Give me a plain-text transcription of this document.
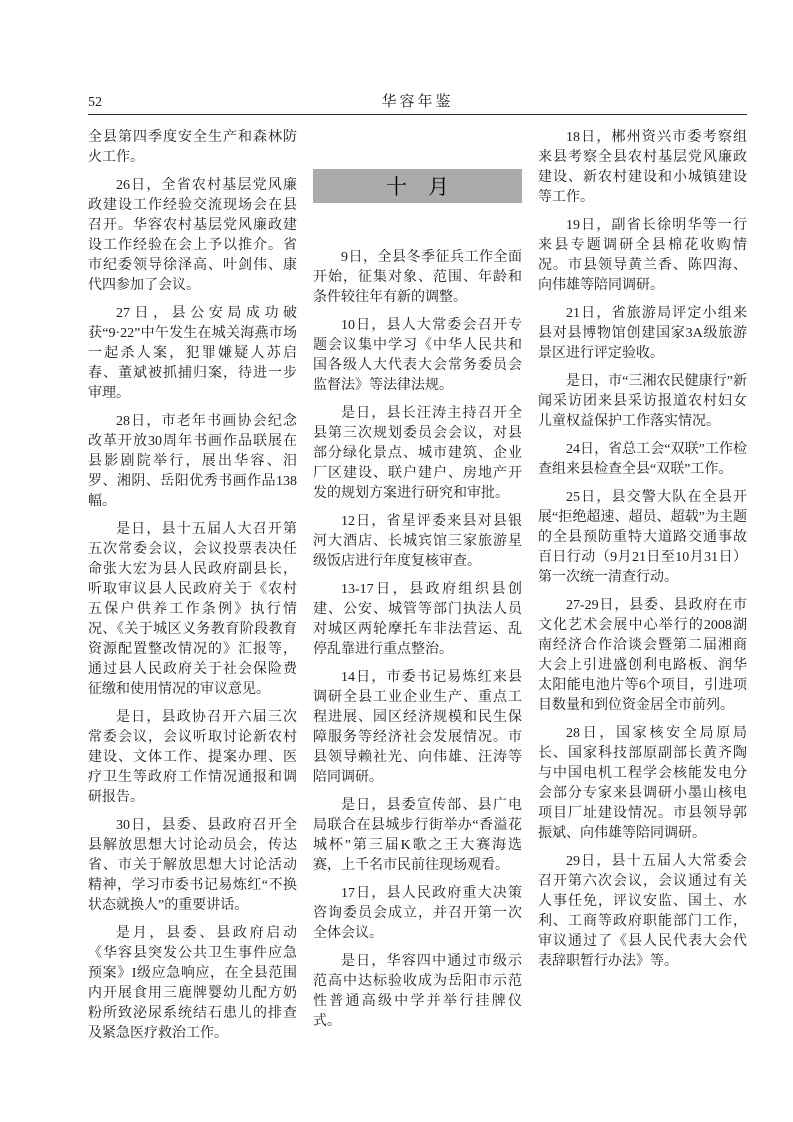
52	华容年鉴

全县第四季度安全生产和森林防火工作。

26日，全省农村基层党风廉政建设工作经验交流现场会在县召开。华容农村基层党风廉政建设工作经验在会上予以推介。省市纪委领导徐泽高、叶剑伟、康代四参加了会议。

27日，县公安局成功破获“9·22”中午发生在城关海燕市场一起杀人案，犯罪嫌疑人苏启春、董斌被抓捕归案，待进一步审理。

28日，市老年书画协会纪念改革开放30周年书画作品联展在县影剧院举行，展出华容、汨罗、湘阴、岳阳优秀书画作品138幅。

是日，县十五届人大召开第五次常委会议，会议投票表决任命张大宏为县人民政府副县长，听取审议县人民政府关于《农村五保户供养工作条例》执行情况、《关于城区义务教育阶段教育资源配置整改情况的》汇报等，通过县人民政府关于社会保险费征缴和使用情况的审议意见。

是日，县政协召开六届三次常委会议，会议听取讨论新农村建设、文体工作、提案办理、医疗卫生等政府工作情况通报和调研报告。

30日，县委、县政府召开全县解放思想大讨论动员会，传达省、市关于解放思想大讨论活动精神，学习市委书记易炼红“不换状态就换人”的重要讲话。

是月，县委、县政府启动《华容县突发公共卫生事件应急预案》I级应急响应，在全县范围内开展食用三鹿牌婴幼儿配方奶粉所致泌尿系统结石患儿的排查及紧急医疗救治工作。

十　月

9日，全县冬季征兵工作全面开始，征集对象、范围、年龄和条件较往年有新的调整。

10日，县人大常委会召开专题会议集中学习《中华人民共和国各级人大代表大会常务委员会监督法》等法律法规。

是日，县长汪涛主持召开全县第三次规划委员会会议，对县部分绿化景点、城市建筑、企业厂区建设、联户建户、房地产开发的规划方案进行研究和审批。

12日，省星评委来县对县银河大酒店、长城宾馆三家旅游星级饭店进行年度复核审查。

13-17日，县政府组织县创建、公安、城管等部门执法人员对城区两轮摩托车非法营运、乱停乱靠进行重点整治。

14日，市委书记易炼红来县调研全县工业企业生产、重点工程进展、园区经济规模和民生保障服务等经济社会发展情况。市县领导赖社光、向伟雄、汪涛等陪同调研。

是日，县委宣传部、县广电局联合在县城步行街举办“香溢花城杯”第三届K歌之王大赛海选赛，上千名市民前往现场观看。

17日，县人民政府重大决策咨询委员会成立，并召开第一次全体会议。

是日，华容四中通过市级示范高中达标验收成为岳阳市示范性普通高级中学并举行挂牌仪式。

18日，郴州资兴市委考察组来县考察全县农村基层党风廉政建设、新农村建设和小城镇建设等工作。

19日，副省长徐明华等一行来县专题调研全县棉花收购情况。市县领导黄兰香、陈四海、向伟雄等陪同调研。

21日，省旅游局评定小组来县对县博物馆创建国家3A级旅游景区进行评定验收。

是日，市“三湘农民健康行”新闻采访团来县采访报道农村妇女儿童权益保护工作落实情况。

24日，省总工会“双联”工作检查组来县检查全县“双联”工作。

25日，县交警大队在全县开展“拒绝超速、超员、超载”为主题的全县预防重特大道路交通事故百日行动（9月21日至10月31日）第一次统一清查行动。

27-29日，县委、县政府在市文化艺术会展中心举行的2008湖南经济合作洽谈会暨第二届湘商大会上引进盛创利电路板、润华太阳能电池片等6个项目，引进项目数量和到位资金居全市前列。

28日，国家核安全局原局长、国家科技部原副部长黄齐陶与中国电机工程学会核能发电分会部分专家来县调研小墨山核电项目厂址建设情况。市县领导郭振斌、向伟雄等陪同调研。

29日，县十五届人大常委会召开第六次会议，会议通过有关人事任免，评议安监、国土、水利、工商等政府职能部门工作，审议通过了《县人民代表大会代表辞职暂行办法》等。
